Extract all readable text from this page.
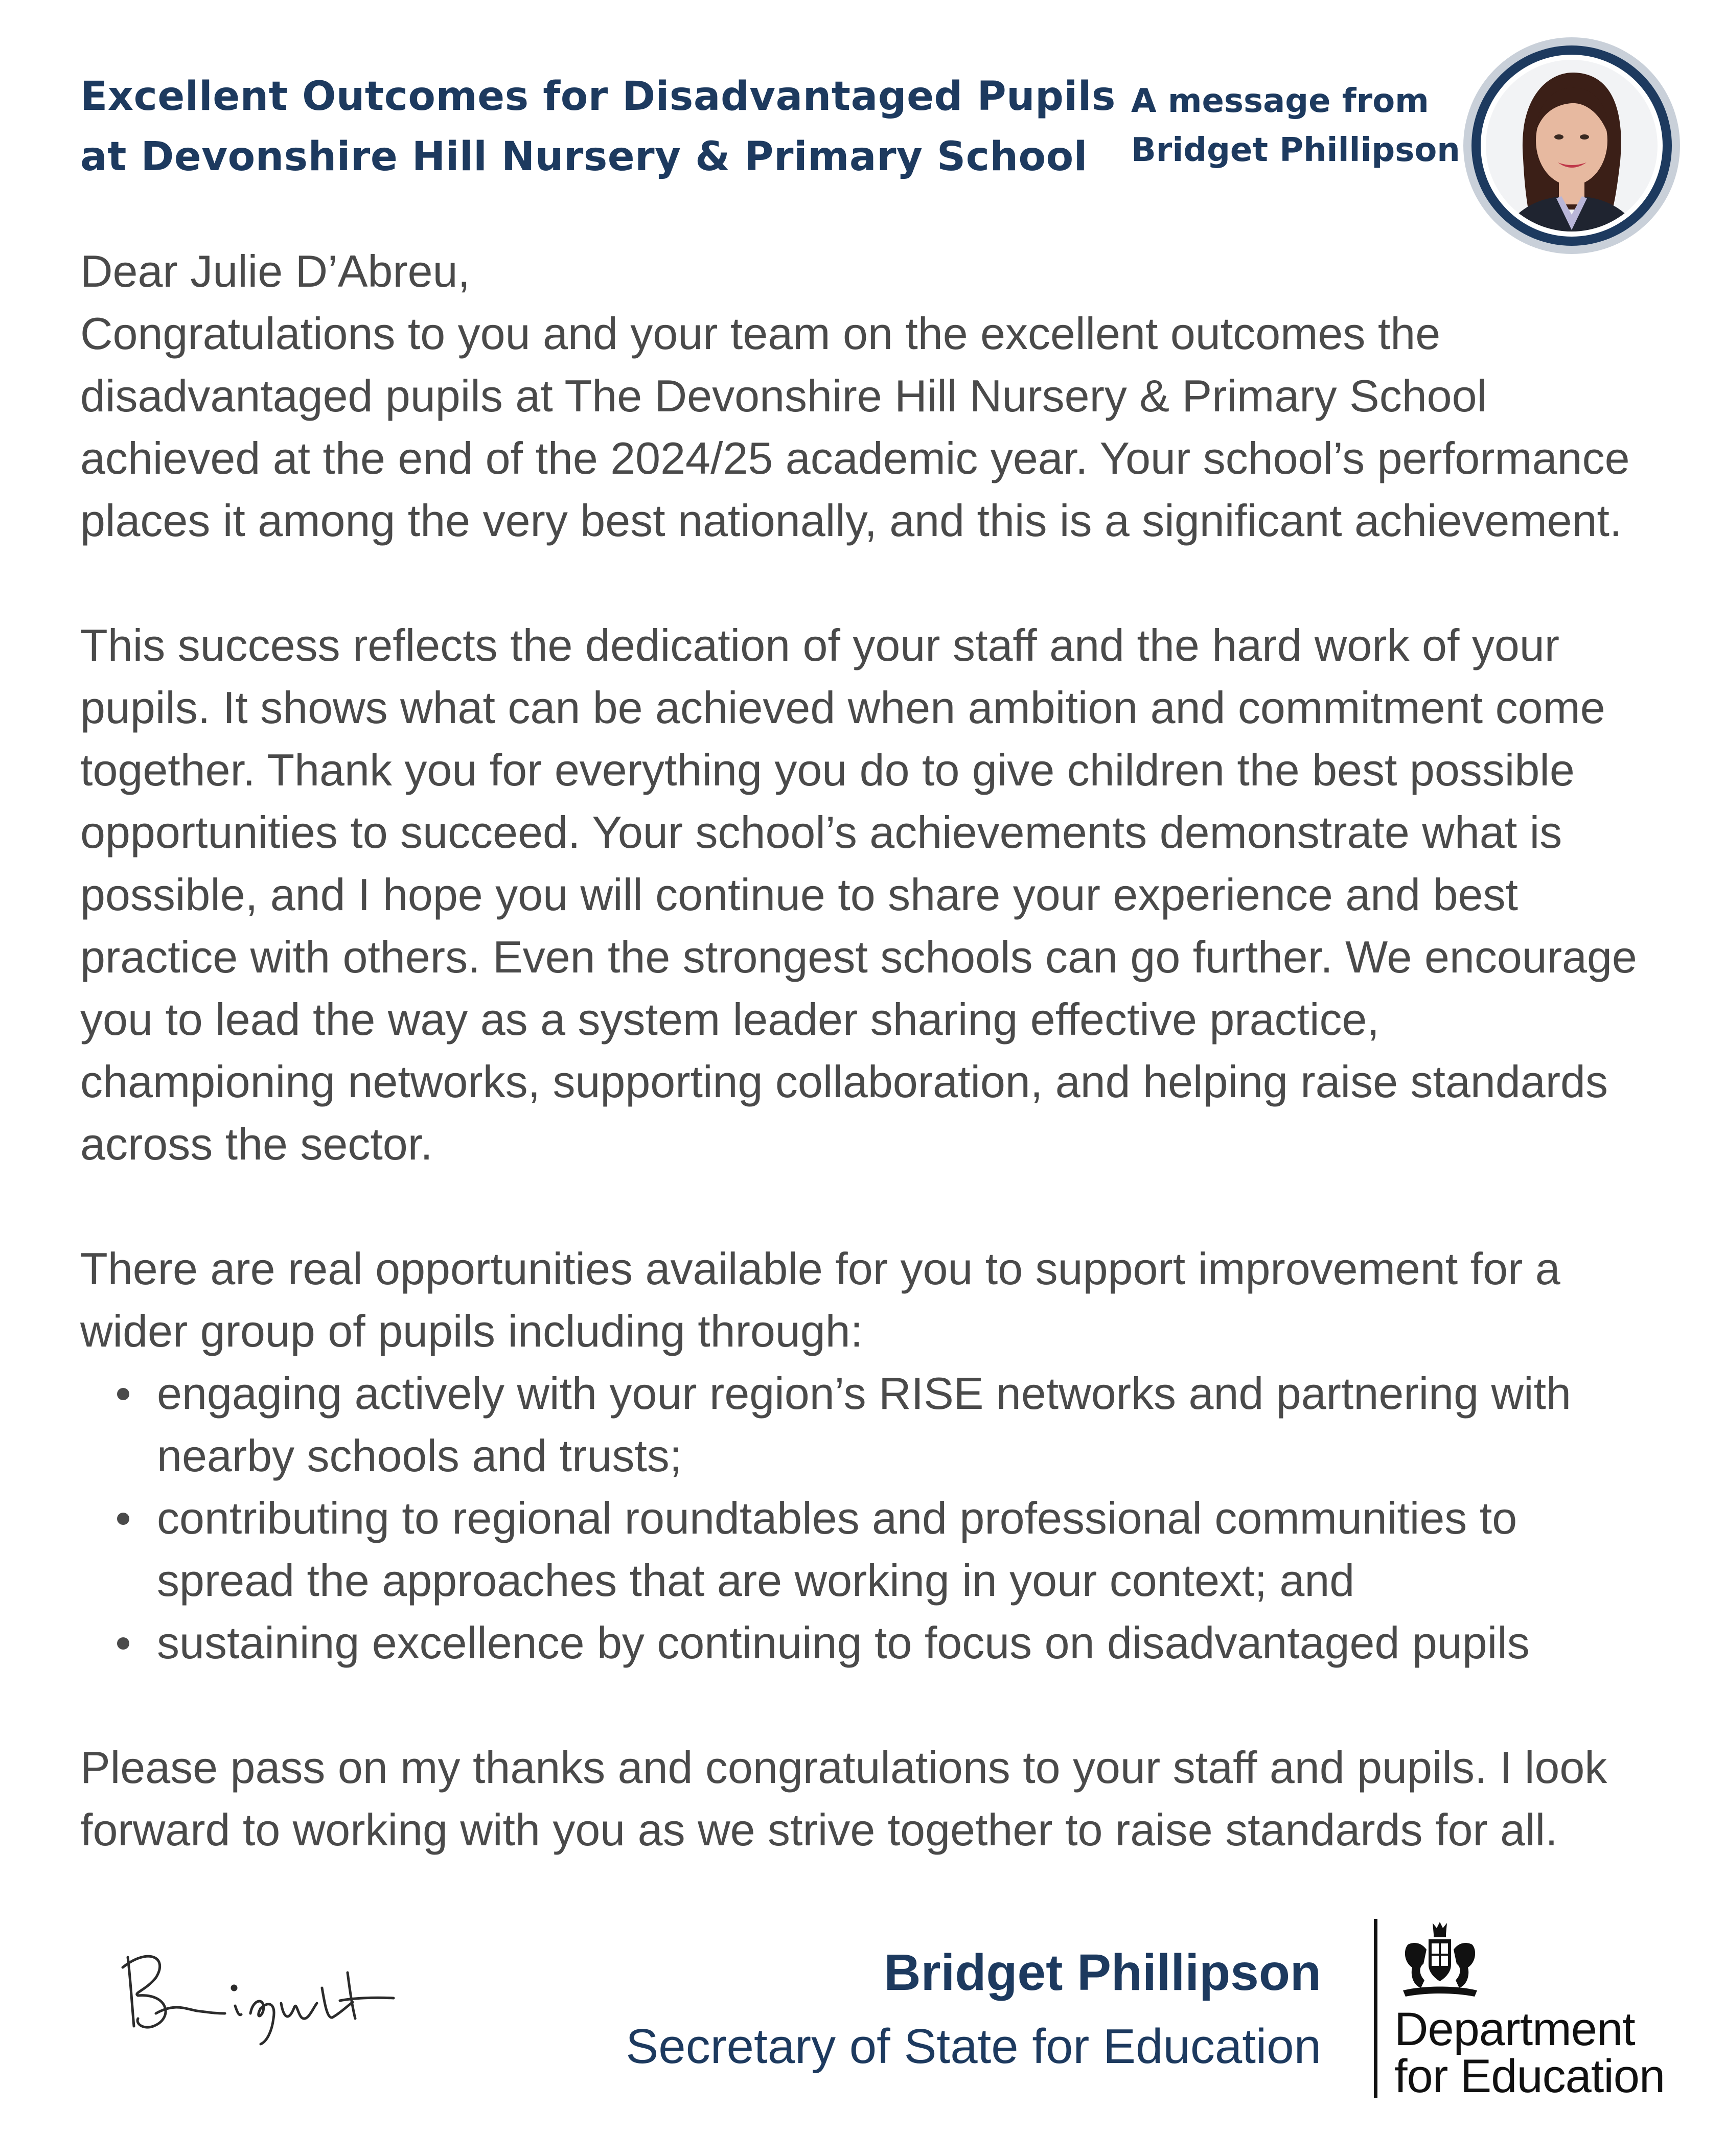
Excellent Outcomes for Disadvantaged Pupils
at Devonshire Hill Nursery & Primary School
A message from
Bridget Phillipson

Dear Julie D’Abreu,

Congratulations to you and your team on the excellent outcomes the
disadvantaged pupils at The Devonshire Hill Nursery & Primary School
achieved at the end of the 2024/25 academic year. Your school’s performance
places it among the very best nationally, and this is a significant achievement.

This success reflects the dedication of your staff and the hard work of your
pupils. It shows what can be achieved when ambition and commitment come
together. Thank you for everything you do to give children the best possible
opportunities to succeed. Your school’s achievements demonstrate what is
possible, and I hope you will continue to share your experience and best
practice with others. Even the strongest schools can go further. We encourage
you to lead the way as a system leader sharing effective practice,
championing networks, supporting collaboration, and helping raise standards
across the sector.

There are real opportunities available for you to support improvement for a
wider group of pupils including through:

engaging actively with your region’s RISE networks and partnering with
nearby schools and trusts;
contributing to regional roundtables and professional communities to
spread the approaches that are working in your context; and
sustaining excellence by continuing to focus on disadvantaged pupils

Please pass on my thanks and congratulations to your staff and pupils. I look
forward to working with you as we strive together to raise standards for all.

Bridget Phillipson
Secretary of State for Education Department
for Education
